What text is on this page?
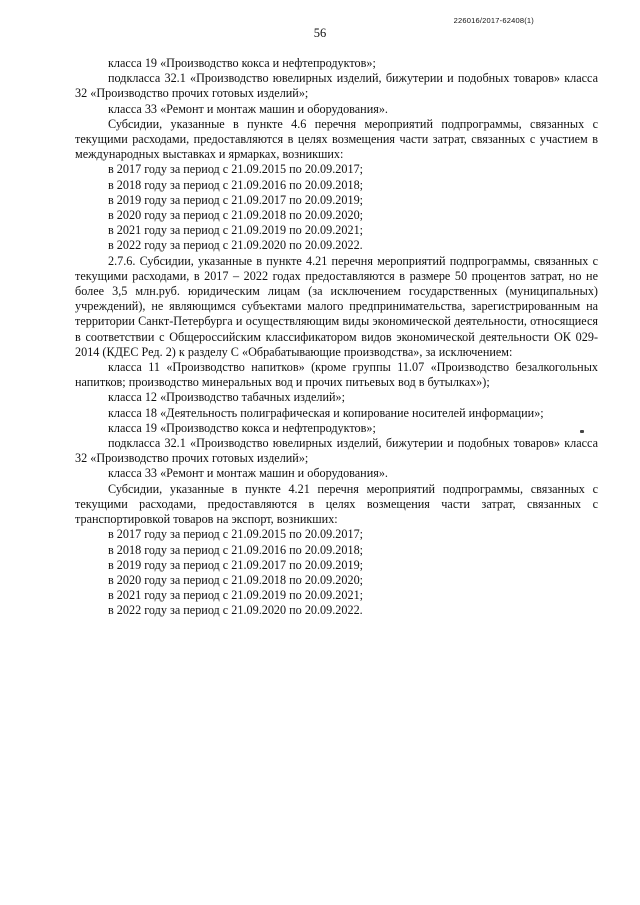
226016/2017-62408(1)
56

класса 19 «Производство кокса и нефтепродуктов»;

подкласса 32.1 «Производство ювелирных изделий, бижутерии и подобных товаров» класса 32 «Производство прочих готовых изделий»;

класса 33 «Ремонт и монтаж машин и оборудования».

Субсидии, указанные в пункте 4.6 перечня мероприятий подпрограммы, связанных с текущими расходами, предоставляются в целях возмещения части затрат, связанных с участием в международных выставках и ярмарках, возникших:

в 2017 году за период с 21.09.2015 по 20.09.2017;

в 2018 году за период с 21.09.2016 по 20.09.2018;

в 2019 году за период с 21.09.2017 по 20.09.2019;

в 2020 году за период с 21.09.2018 по 20.09.2020;

в 2021 году за период с 21.09.2019 по 20.09.2021;

в 2022 году за период с 21.09.2020 по 20.09.2022.

2.7.6. Субсидии, указанные в пункте 4.21 перечня мероприятий подпрограммы, связанных с текущими расходами, в 2017 – 2022 годах предоставляются в размере 50 процентов затрат, но не более 3,5 млн.руб. юридическим лицам (за исключением государственных (муниципальных) учреждений), не являющимся субъектами малого предпринимательства, зарегистрированным на территории Санкт-Петербурга и осуществляющим виды экономической деятельности, относящиеся в соответствии с Общероссийским классификатором видов экономической деятельности ОК 029-2014 (КДЕС Ред. 2) к разделу С «Обрабатывающие производства», за исключением:

класса 11 «Производство напитков» (кроме группы 11.07 «Производство безалкогольных напитков; производство минеральных вод и прочих питьевых вод в бутылках»);

класса 12 «Производство табачных изделий»;

класса 18 «Деятельность полиграфическая и копирование носителей информации»;

класса 19 «Производство кокса и нефтепродуктов»;

подкласса 32.1 «Производство ювелирных изделий, бижутерии и подобных товаров» класса 32 «Производство прочих готовых изделий»;

класса 33 «Ремонт и монтаж машин и оборудования».

Субсидии, указанные в пункте 4.21 перечня мероприятий подпрограммы, связанных с текущими расходами, предоставляются в целях возмещения части затрат, связанных с транспортировкой товаров на экспорт, возникших:

в 2017 году за период с 21.09.2015 по 20.09.2017;

в 2018 году за период с 21.09.2016 по 20.09.2018;

в 2019 году за период с 21.09.2017 по 20.09.2019;

в 2020 году за период с 21.09.2018 по 20.09.2020;

в 2021 году за период с 21.09.2019 по 20.09.2021;

в 2022 году за период с 21.09.2020 по 20.09.2022.
